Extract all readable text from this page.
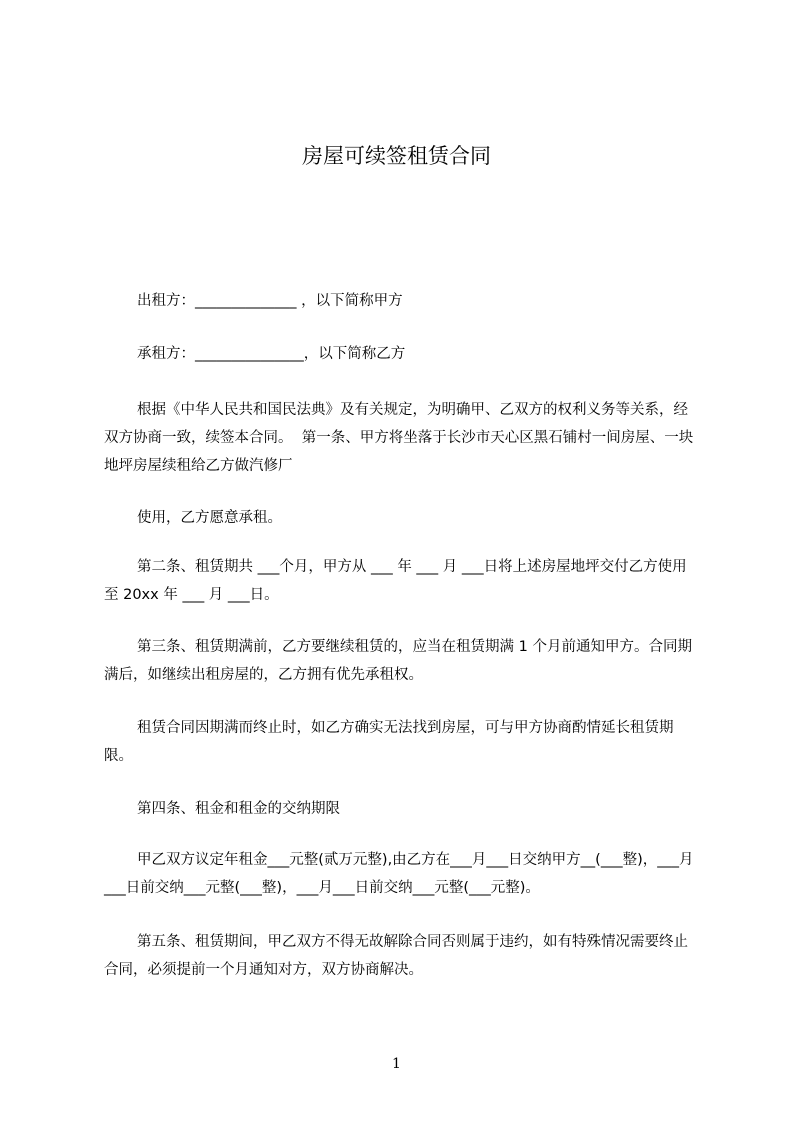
房屋可续签租赁合同
出租方：______________ ，以下简称甲方
承租方：_______________，以下简称乙方
根据《中华人民共和国民法典》及有关规定，为明确甲、乙双方的权利义务等关系，经双方协商一致，续签本合同。  第一条、甲方将坐落于长沙市天心区黑石铺村一间房屋、一块地坪房屋续租给乙方做汽修厂
使用，乙方愿意承租。
第二条、租赁期共 ___个月，甲方从 ___ 年 ___ 月 ___日将上述房屋地坪交付乙方使用至 20xx 年 ___ 月 ___日。
第三条、租赁期满前，乙方要继续租赁的，应当在租赁期满 1 个月前通知甲方。合同期满后，如继续出租房屋的，乙方拥有优先承租权。
租赁合同因期满而终止时，如乙方确实无法找到房屋，可与甲方协商酌情延长租赁期限。
第四条、租金和租金的交纳期限
甲乙双方议定年租金___元整(贰万元整),由乙方在___月___日交纳甲方__(___整)，___月___日前交纳___元整(___整)，___月___日前交纳___元整(___元整)。
第五条、租赁期间，甲乙双方不得无故解除合同否则属于违约，如有特殊情况需要终止合同，必须提前一个月通知对方，双方协商解决。
1
